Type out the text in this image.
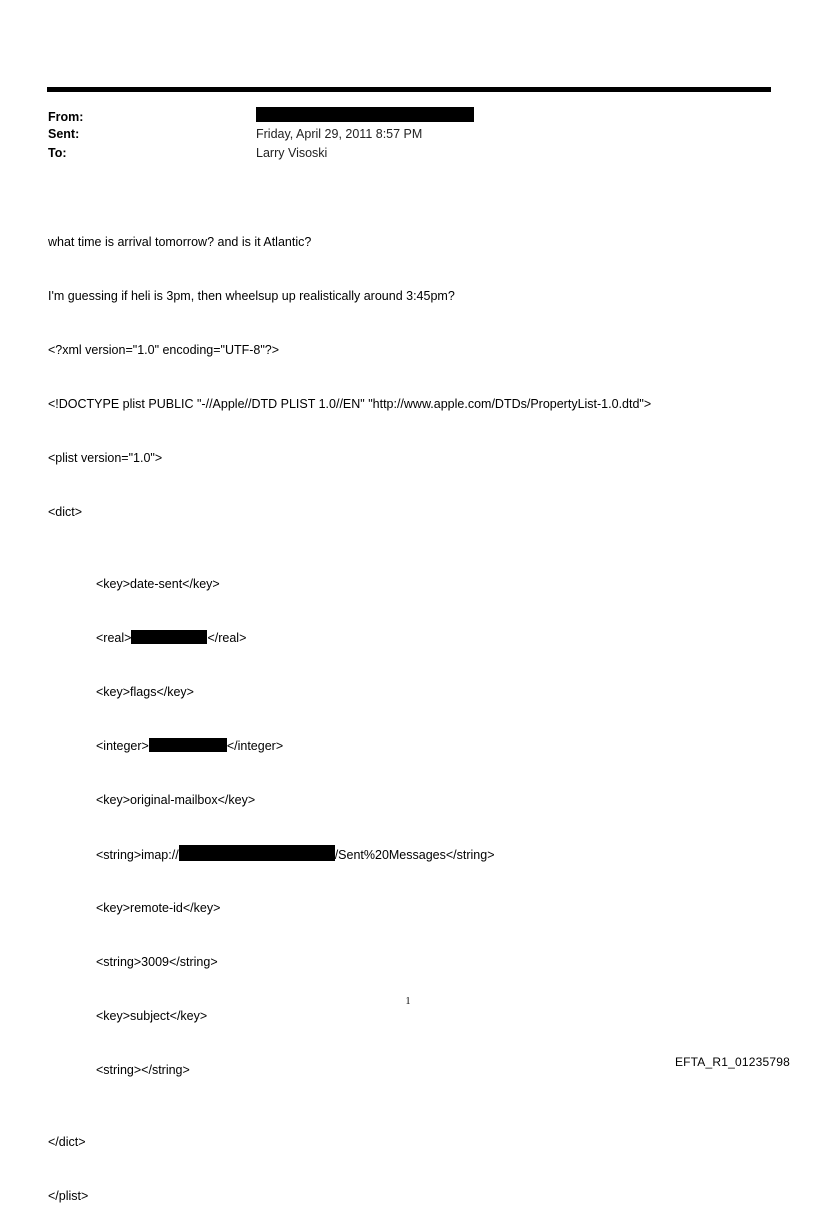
From:
Sent:	Friday, April 29, 2011 8:57 PM
To:	Larry Visoski

what time is arrival tomorrow? and is it Atlantic?

I'm guessing if heli is 3pm, then wheelsup up realistically around 3:45pm?

<?xml version="1.0" encoding="UTF-8"?>

<!DOCTYPE plist PUBLIC "-//Apple//DTD PLIST 1.0//EN" "http://www.apple.com/DTDs/PropertyList-1.0.dtd">

<plist version="1.0">

<dict>

<key>date-sent</key>

<real>	</real>

<key>flags</key>

<integer>	</integer>

<key>original-mailbox</key>

<string>imap://	/Sent%20Messages</string>

<key>remote-id</key>

<string>3009</string>

<key>subject</key>

<string></string>

</dict>

</plist>

1
EFTA_R1_01235798
